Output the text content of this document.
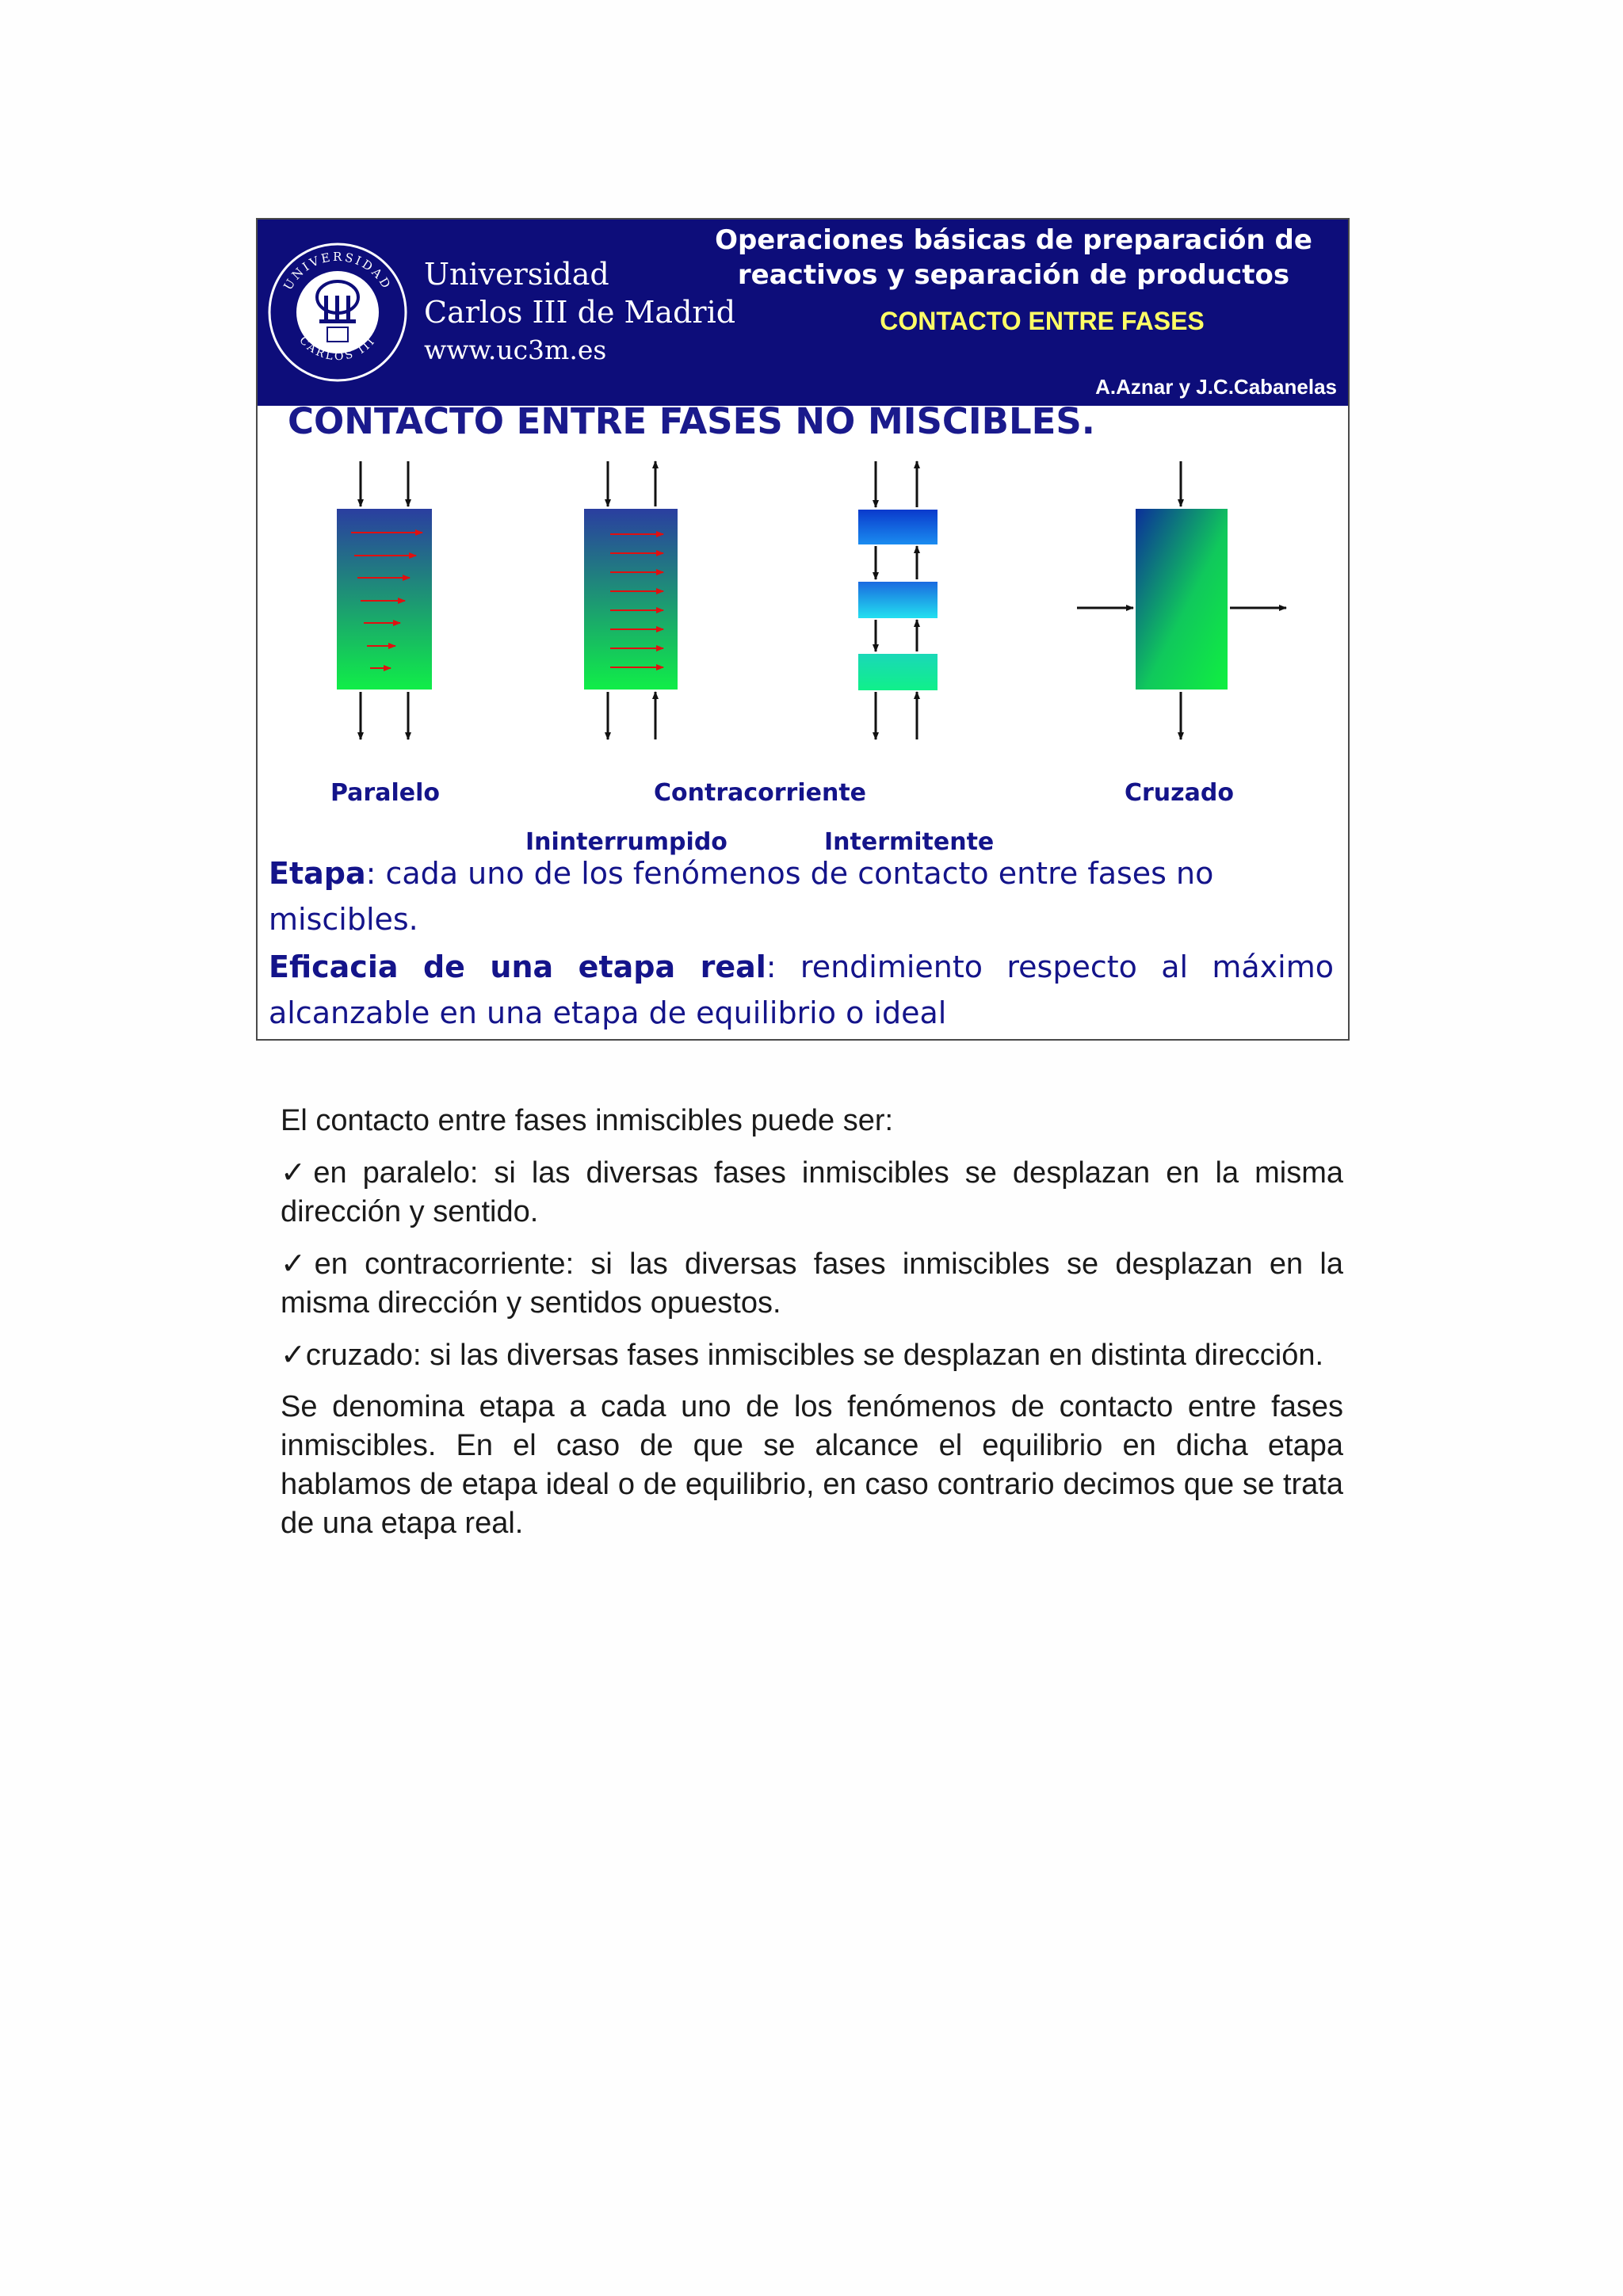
UNIVERSIDAD
CARLOS III
Universidad
Carlos III de Madrid
www.uc3m.es
Operaciones básicas de preparación de
reactivos y separación de productos
CONTACTO ENTRE FASES
A.Aznar y J.C.Cabanelas
CONTACTO ENTRE FASES NO MISCIBLES.
Paralelo	Contracorriente	Cruzado
Ininterrumpido	Intermitente
Etapa: cada uno de los fenómenos de contacto entre fases no miscibles.
Eficacia de una etapa real: rendimiento respecto al máximo alcanzable en una etapa de equilibrio o ideal

El contacto entre fases inmiscibles puede ser:

✓en paralelo: si las diversas fases inmiscibles se desplazan en la misma dirección y sentido.

✓en contracorriente: si las diversas fases inmiscibles se desplazan en la misma dirección y sentidos opuestos.

✓cruzado: si las diversas fases inmiscibles se desplazan en distinta dirección.

Se denomina etapa a cada uno de los fenómenos de contacto entre fases inmiscibles. En el caso de que se alcance el equilibrio en dicha etapa hablamos de etapa ideal o de equilibrio, en caso contrario decimos que se trata de una etapa real.
